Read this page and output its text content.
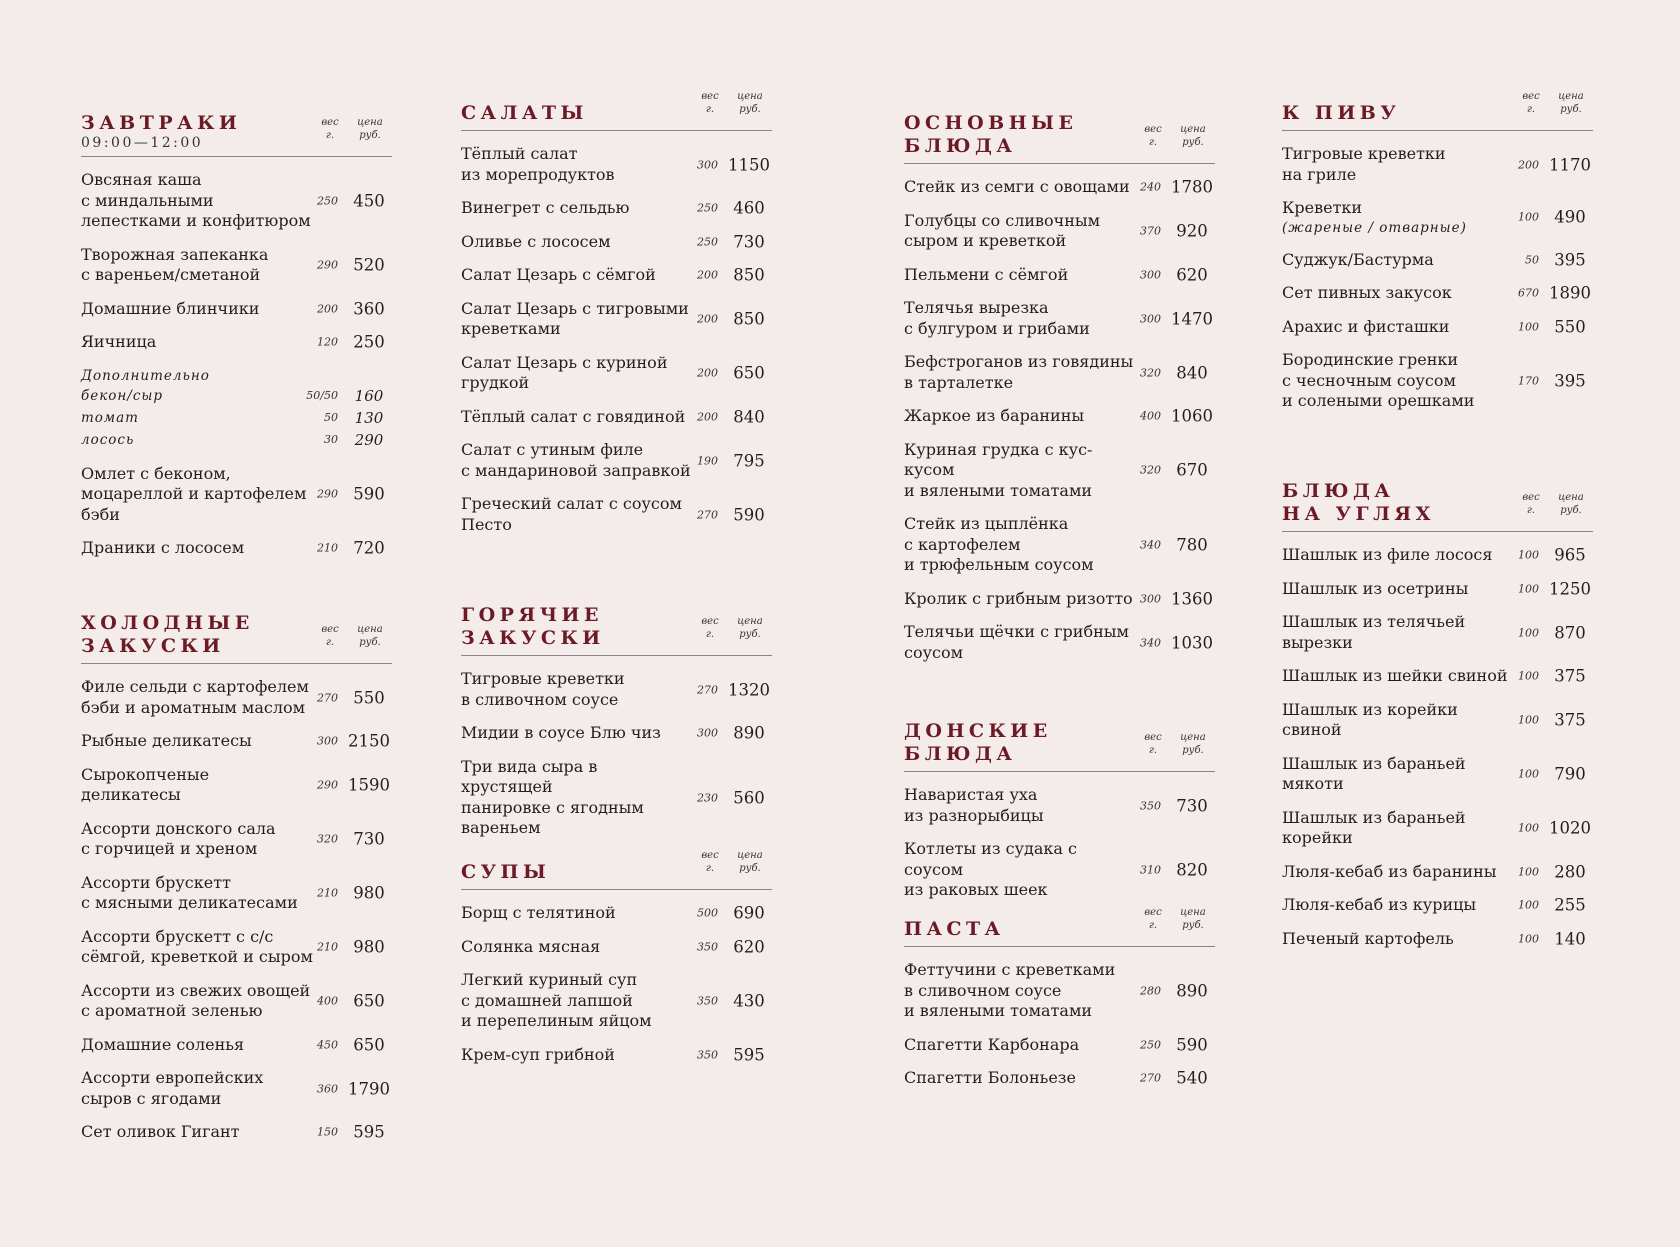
ЗАВТРАКИ
09:00—12:00
вес
г.
цена
руб.
Овсяная каша
с миндальными
лепестками и конфитюром
250 450
Творожная запеканка
с вареньем/сметаной	290 520
Домашние блинчики	200 360
Яичница	120 250
Дополнительно
бекон/сыр	50/50	160
томат	50	130
лосось	30	290
Омлет с беконом,
моцареллой и картофелем
бэби
290 590
Драники с лососем	210 720
ХОЛОДНЫЕ
ЗАКУСКИ
вес
г.
цена
руб.
Филе сельди с картофелем
бэби и ароматным маслом	270 550
Рыбные деликатесы	300 2150
Сырокопченые деликатесы	290 1590
Ассорти донского сала
с горчицей и хреном	320 730
Ассорти брускетт
с мясными деликатесами	210 980
Ассорти брускетт с с/с
сёмгой, креветкой и сыром 210 980
Ассорти из свежих овощей
с ароматной зеленью	400 650
Домашние соленья	450 650
Ассорти европейских
сыров с ягодами	360 1790
Сет оливок Гигант	150 595
САЛАТЫ
вес
г.
цена
руб.
Тёплый салат
из морепродуктов	300 1150
Винегрет с сельдью	250 460
Оливье с лососем	250 730
Салат Цезарь с сёмгой	200 850
Салат Цезарь с тигровыми
креветками	200 850
Салат Цезарь с куриной
грудкой	200 650
Тёплый салат с говядиной	200 840
Салат с утиным филе
с мандариновой заправкой 190 795
Греческий салат с соусом
Песто	270 590
ГОРЯЧИЕ
ЗАКУСКИ
вес
г.
цена
руб.
Тигровые креветки
в сливочном соусе	270 1320
Мидии в соусе Блю чиз	300 890
Три вида сыра в хрустящей
панировке с ягодным
вареньем
230 560
СУПЫ
вес
г.
цена
руб.
Борщ с телятиной	500 690
Солянка мясная	350 620
Легкий куриный суп
с домашней лапшой
и перепелиным яйцом
350 430
Крем-суп грибной	350 595
ОСНОВНЫЕ
БЛЮДА
вес
г.
цена
руб.
Стейк из семги с овощами 240 1780
Голубцы со сливочным
сыром и креветкой	370 920
Пельмени с сёмгой	300 620
Телячья вырезка
с булгуром и грибами	300 1470
Бефстроганов из говядины
в тарталетке	320 840
Жаркое из баранины	400 1060
Куриная грудка с кус-кусом
и вялеными томатами
320 670
Стейк из цыплёнка
с картофелем
и трюфельным соусом
340 780
Кролик с грибным ризотто 300 1360
Телячьи щёчки с грибным
соусом	340 1030
ДОНСКИЕ
БЛЮДА
вес
г.
цена
руб.
Наваристая уха
из разнорыбицы	350 730
Котлеты из судака с соусом
из раковых шеек
310 820
ПАСТА
вес
г.
цена
руб.
Феттучини с креветками
в сливочном соусе
и вялеными томатами
280 890
Спагетти Карбонара	250 590
Спагетти Болоньезе	270 540
К ПИВУ
вес
г.
цена
руб.
Тигровые креветки
на гриле	200 1170
Креветки
(жареные / отварные)
100 490
Суджук/Бастурма	50 395
Сет пивных закусок	670 1890
Арахис и фисташки	100 550
Бородинские гренки
с чесночным соусом
и солеными орешками
170 395
БЛЮДА
НА УГЛЯХ
вес
г.
цена
руб.
Шашлык из филе лосося	100 965
Шашлык из осетрины	100 1250
Шашлык из телячьей
вырезки	100 870
Шашлык из шейки свиной 100 375
Шашлык из корейки
свиной	100 375
Шашлык из бараньей
мякоти	100 790
Шашлык из бараньей
корейки	100 1020
Люля-кебаб из баранины	100 280
Люля-кебаб из курицы	100 255
Печеный картофель	100 140
